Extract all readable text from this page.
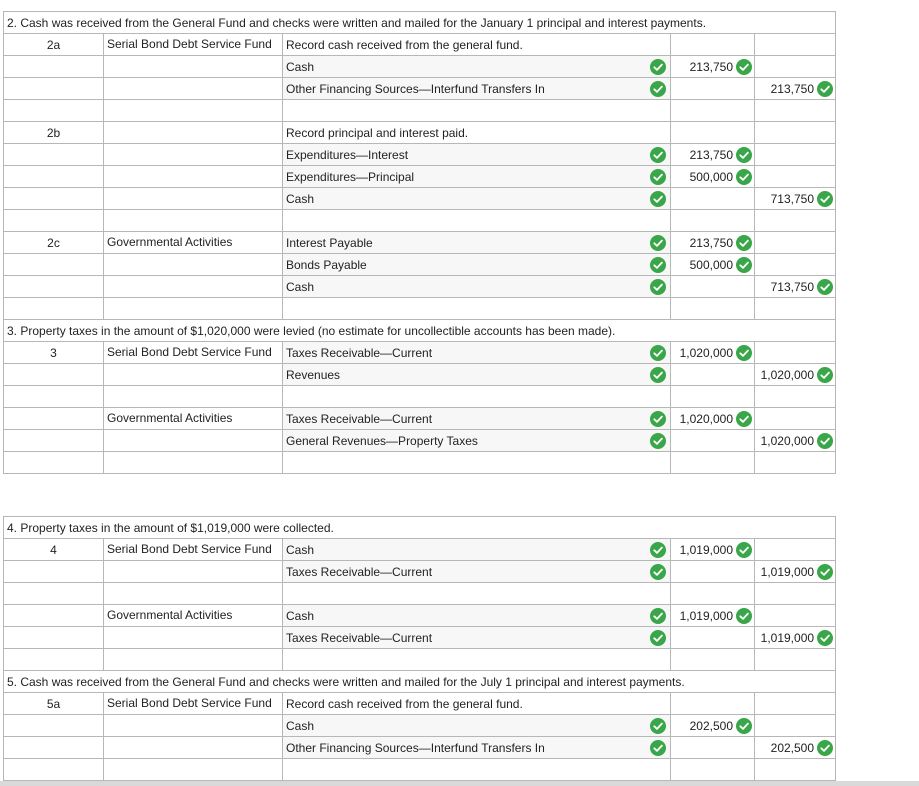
2. Cash was received from the General Fund and checks were written and mailed for the January 1 principal and interest payments.				
2a	Serial Bond Debt Service Fund	Record cash received from the general fund.		
		Cash	213,750	
		Other Financing Sources—Interfund Transfers In		213,750

2b		Record principal and interest paid.		
		Expenditures—Interest	213,750	
		Expenditures—Principal	500,000	
		Cash		713,750

2c	Governmental Activities	Interest Payable	213,750	
		Bonds Payable	500,000	
		Cash		713,750

3. Property taxes in the amount of $1,020,000 were levied (no estimate for uncollectible accounts has been made).				
3	Serial Bond Debt Service Fund	Taxes Receivable—Current	1,020,000	
		Revenues		1,020,000

	Governmental Activities	Taxes Receivable—Current	1,020,000	
		General Revenues—Property Taxes		1,020,000

4. Property taxes in the amount of $1,019,000 were collected.				
4	Serial Bond Debt Service Fund	Cash	1,019,000	
		Taxes Receivable—Current		1,019,000

	Governmental Activities	Cash	1,019,000	
		Taxes Receivable—Current		1,019,000

5. Cash was received from the General Fund and checks were written and mailed for the July 1 principal and interest payments.				
5a	Serial Bond Debt Service Fund	Record cash received from the general fund.		
		Cash	202,500	
		Other Financing Sources—Interfund Transfers In		202,500
